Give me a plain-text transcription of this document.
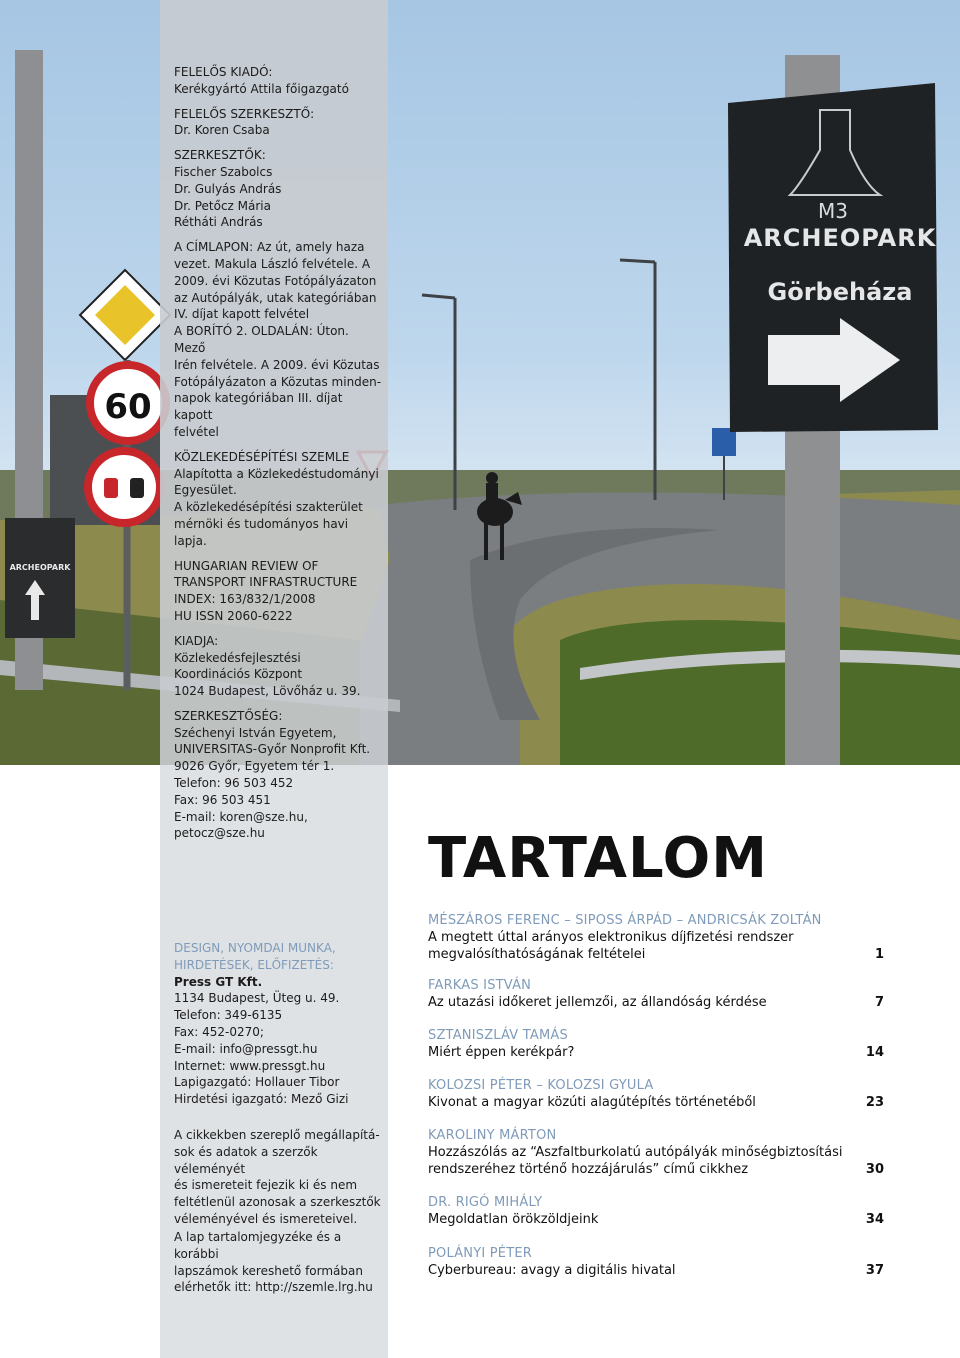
60
ARCHEOPARK
M3
ARCHEOPARK
Görbeháza

FELELŐS KIADÓ:
Kerékgyártó Attila főigazgató

FELELŐS SZERKESZTŐ:
Dr. Koren Csaba

SZERKESZTŐK:
Fischer Szabolcs
Dr. Gulyás András
Dr. Petőcz Mária
Rétháti András

A CÍMLAPON: Az út, amely haza
vezet. Makula László felvétele. A
2009. évi Közutas Fotópályázaton
az Autópályák, utak kategóriában
IV. díjat kapott felvétel
A BORÍTÓ 2. OLDALÁN: Úton. Mező
Irén felvétele. A 2009. évi Közutas
Fotópályázaton a Közutas minden-
napok kategóriában III. díjat kapott
felvétel

KÖZLEKEDÉSÉPÍTÉSI SZEMLE
Alapította a Közlekedéstudományi
Egyesület.
A közlekedésépítési szakterület
mérnöki és tudományos havi lapja.

HUNGARIAN REVIEW OF
TRANSPORT INFRASTRUCTURE
INDEX: 163/832/1/2008
HU ISSN 2060-6222

KIADJA:
Közlekedésfejlesztési
Koordinációs Központ
1024 Budapest, Lövőház u. 39.

SZERKESZTŐSÉG:
Széchenyi István Egyetem,
UNIVERSITAS-Győr Nonprofit Kft.
9026 Győr, Egyetem tér 1.
Telefon: 96 503 452
Fax: 96 503 451
E-mail: koren@sze.hu, petocz@sze.hu

DESIGN, NYOMDAI MUNKA,
HIRDETÉSEK, ELŐFIZETÉS:
Press GT Kft.
1134 Budapest, Üteg u. 49.
Telefon: 349-6135
Fax: 452-0270;
E-mail: info@pressgt.hu
Internet: www.pressgt.hu
Lapigazgató: Hollauer Tibor
Hirdetési igazgató: Mező Gizi

A cikkekben szereplő megállapítá-
sok és adatok a szerzők véleményét
és ismereteit fejezik ki és nem
feltétlenül azonosak a szerkesztők
véleményével és ismereteivel.

A lap tartalomjegyzéke és a korábbi
lapszámok kereshető formában
elérhetők itt: http://szemle.lrg.hu

TARTALOM
MÉSZÁROS FERENC – SIPOSS ÁRPÁD – ANDRICSÁK ZOLTÁN
A megtett úttal arányos elektronikus díjfizetési rendszer
megvalósíthatóságának feltételei	1
FARKAS ISTVÁN
Az utazási időkeret jellemzői, az állandóság kérdése	7
SZTANISZLÁV TAMÁS
Miért éppen kerékpár?	14
KOLOZSI PÉTER – KOLOZSI GYULA
Kivonat a magyar közúti alagútépítés történetéből	23
KAROLINY MÁRTON
Hozzászólás az “Aszfaltburkolatú autópályák minőségbiztosítási
rendszeréhez történő hozzájárulás” című cikkhez	30
DR. RIGÓ MIHÁLY
Megoldatlan örökzöldjeink	34
POLÁNYI PÉTER
Cyberbureau: avagy a digitális hivatal	37
